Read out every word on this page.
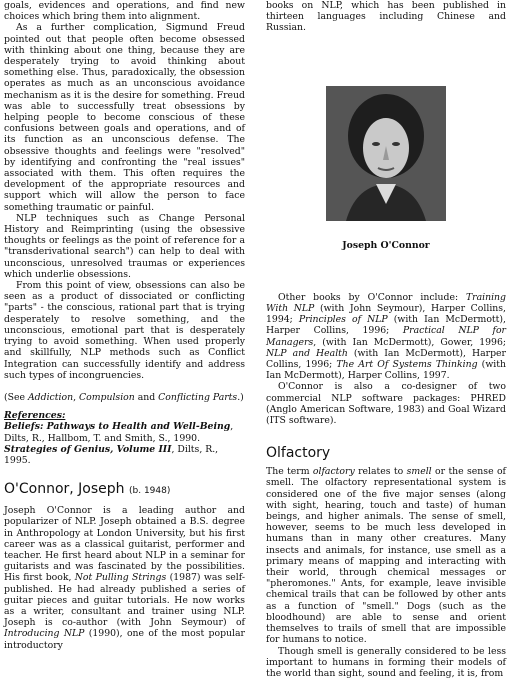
goals, evidences and operations, and find new choices which bring them into alignment.

As a further complication, Sigmund Freud pointed out that people often become obsessed with thinking about one thing, because they are desperately trying to avoid thinking about something else. Thus, paradoxically, the obsession operates as much as an unconscious avoidance mechanism as it is the desire for something. Freud was able to successfully treat obsessions by helping people to become conscious of these confusions between goals and operations, and of its function as an unconscious defense. The obsessive thoughts and feelings were "resolved" by identifying and confronting the "real issues" associated with them. This often requires the development of the appropriate resources and support which will allow the person to face something traumatic or painful.

NLP techniques such as Change Personal History and Reimprinting (using the obsessive thoughts or feelings as the point of reference for a "transderivational search") can help to deal with unconscious, unresolved traumas or experiences which underlie obsessions.

From this point of view, obsessions can also be seen as a product of dissociated or conflicting "parts" - the conscious, rational part that is trying desperately to resolve something, and the unconscious, emotional part that is desperately trying to avoid something. When used properly and skillfully, NLP methods such as Conflict Integration can successfully identify and address such types of incongruencies.

(See Addiction, Compulsion and Conflicting Parts.)

References:

Beliefs: Pathways to Health and Well-Being, Dilts, R., Hallbom, T. and Smith, S., 1990.

Strategies of Genius, Volume III, Dilts, R., 1995.

O'Connor, Joseph (b. 1948)

Joseph O'Connor is a leading author and popularizer of NLP. Joseph obtained a B.S. degree in Anthropology at London University, but his first career was as a classical guitarist, performer and teacher. He first heard about NLP in a seminar for guitarists and was fascinated by the possibilities. His first book, Not Pulling Strings (1987) was self-published. He had already published a series of guitar pieces and guitar tutorials. He now works as a writer, consultant and trainer using NLP. Joseph is co-author (with John Seymour) of Introducing NLP (1990), one of the most popular introductory

books on NLP, which has been published in thirteen languages including Chinese and Russian.

Joseph O'Connor

Other books by O'Connor include: Training With NLP (with John Seymour), Harper Collins, 1994; Principles of NLP (with Ian McDermott), Harper Collins, 1996; Practical NLP for Managers, (with Ian McDermott), Gower, 1996; NLP and Health (with Ian McDermott), Harper Collins, 1996; The Art Of Systems Thinking (with Ian McDermott), Harper Collins, 1997.

O'Connor is also a co-designer of two commercial NLP software packages: PHRED (Anglo American Software, 1983) and Goal Wizard (ITS software).

Olfactory

The term olfactory relates to smell or the sense of smell. The olfactory representational system is considered one of the five major senses (along with sight, hearing, touch and taste) of human beings, and higher animals. The sense of smell, however, seems to be much less developed in humans than in many other creatures. Many insects and animals, for instance, use smell as a primary means of mapping and interacting with their world, through chemical messages or "pheromones." Ants, for example, leave invisible chemical trails that can be followed by other ants as a function of "smell." Dogs (such as the bloodhound) are able to sense and orient themselves to trails of smell that are impossible for humans to notice.

Though smell is generally considered to be less important to humans in forming their models of the world than sight, sound and feeling, it is, from
